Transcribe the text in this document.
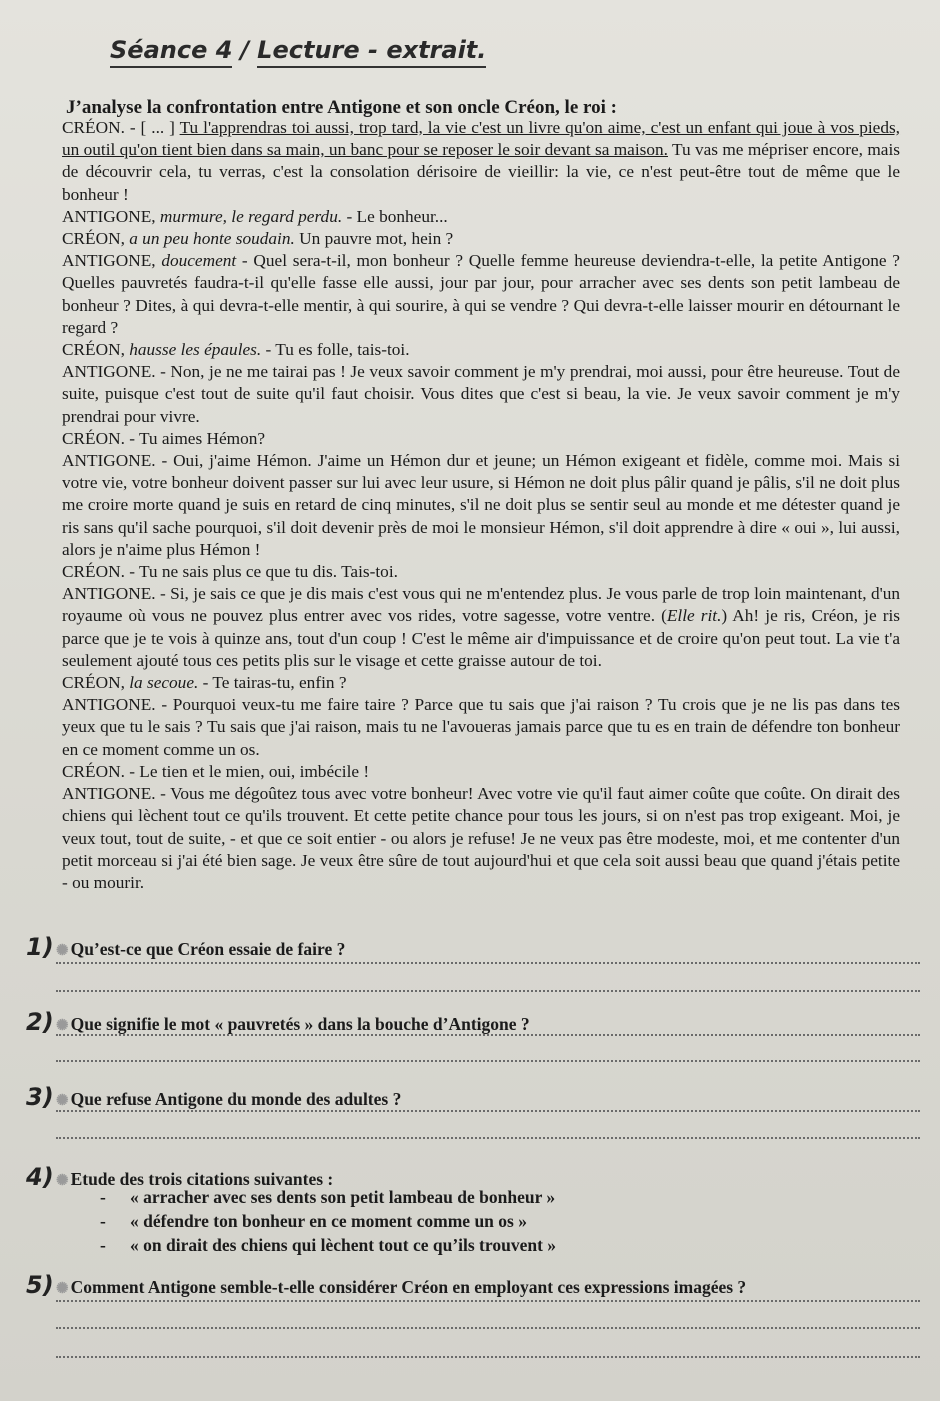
Séance 4 / Lecture - extrait.
J’analyse la confrontation entre Antigone et son oncle Créon, le roi :

CRÉON. - [ ... ] Tu l'apprendras toi aussi, trop tard, la vie c'est un livre qu'on aime, c'est un enfant qui joue à vos pieds, un outil qu'on tient bien dans sa main, un banc pour se reposer le soir devant sa maison. Tu vas me mépriser encore, mais de découvrir cela, tu verras, c'est la consolation dérisoire de vieillir: la vie, ce n'est peut-être tout de même que le bonheur !

ANTIGONE, murmure, le regard perdu. - Le bonheur...

CRÉON, a un peu honte soudain. Un pauvre mot, hein ?

ANTIGONE, doucement - Quel sera-t-il, mon bonheur ? Quelle femme heureuse deviendra-t-elle, la petite Antigone ? Quelles pauvretés faudra-t-il qu'elle fasse elle aussi, jour par jour, pour arracher avec ses dents son petit lambeau de bonheur ? Dites, à qui devra-t-elle mentir, à qui sourire, à qui se vendre ? Qui devra-t-elle laisser mourir en détournant le regard ?

CRÉON, hausse les épaules. - Tu es folle, tais-toi.

ANTIGONE. - Non, je ne me tairai pas ! Je veux savoir comment je m'y prendrai, moi aussi, pour être heureuse. Tout de suite, puisque c'est tout de suite qu'il faut choisir. Vous dites que c'est si beau, la vie. Je veux savoir comment je m'y prendrai pour vivre.

CRÉON. - Tu aimes Hémon?

ANTIGONE. - Oui, j'aime Hémon. J'aime un Hémon dur et jeune; un Hémon exigeant et fidèle, comme moi. Mais si votre vie, votre bonheur doivent passer sur lui avec leur usure, si Hémon ne doit plus pâlir quand je pâlis, s'il ne doit plus me croire morte quand je suis en retard de cinq minutes, s'il ne doit plus se sentir seul au monde et me détester quand je ris sans qu'il sache pourquoi, s'il doit devenir près de moi le monsieur Hémon, s'il doit apprendre à dire « oui », lui aussi, alors je n'aime plus Hémon !

CRÉON. - Tu ne sais plus ce que tu dis. Tais-toi.

ANTIGONE. - Si, je sais ce que je dis mais c'est vous qui ne m'entendez plus. Je vous parle de trop loin maintenant, d'un royaume où vous ne pouvez plus entrer avec vos rides, votre sagesse, votre ventre. (Elle rit.) Ah! je ris, Créon, je ris parce que je te vois à quinze ans, tout d'un coup ! C'est le même air d'impuissance et de croire qu'on peut tout. La vie t'a seulement ajouté tous ces petits plis sur le visage et cette graisse autour de toi.

CRÉON, la secoue. - Te tairas-tu, enfin ?

ANTIGONE. - Pourquoi veux-tu me faire taire ? Parce que tu sais que j'ai raison ? Tu crois que je ne lis pas dans tes yeux que tu le sais ? Tu sais que j'ai raison, mais tu ne l'avoueras jamais parce que tu es en train de défendre ton bonheur en ce moment comme un os.

CRÉON. - Le tien et le mien, oui, imbécile !

ANTIGONE. - Vous me dégoûtez tous avec votre bonheur! Avec votre vie qu'il faut aimer coûte que coûte. On dirait des chiens qui lèchent tout ce qu'ils trouvent. Et cette petite chance pour tous les jours, si on n'est pas trop exigeant. Moi, je veux tout, tout de suite, - et que ce soit entier - ou alors je refuse! Je ne veux pas être modeste, moi, et me contenter d'un petit morceau si j'ai été bien sage. Je veux être sûre de tout aujourd'hui et que cela soit aussi beau que quand j'étais petite - ou mourir.

1) ✺ Qu’est-ce que Créon essaie de faire ?
2) ✺ Que signifie le mot « pauvretés » dans la bouche d’Antigone ?
3) ✺ Que refuse Antigone du monde des adultes ?
4) ✺ Etude des trois citations suivantes :
- « arracher avec ses dents son petit lambeau de bonheur »
- « défendre ton bonheur en ce moment comme un os »
- « on dirait des chiens qui lèchent tout ce qu’ils trouvent »
5) ✺ Comment Antigone semble-t-elle considérer Créon en employant ces expressions imagées ?
